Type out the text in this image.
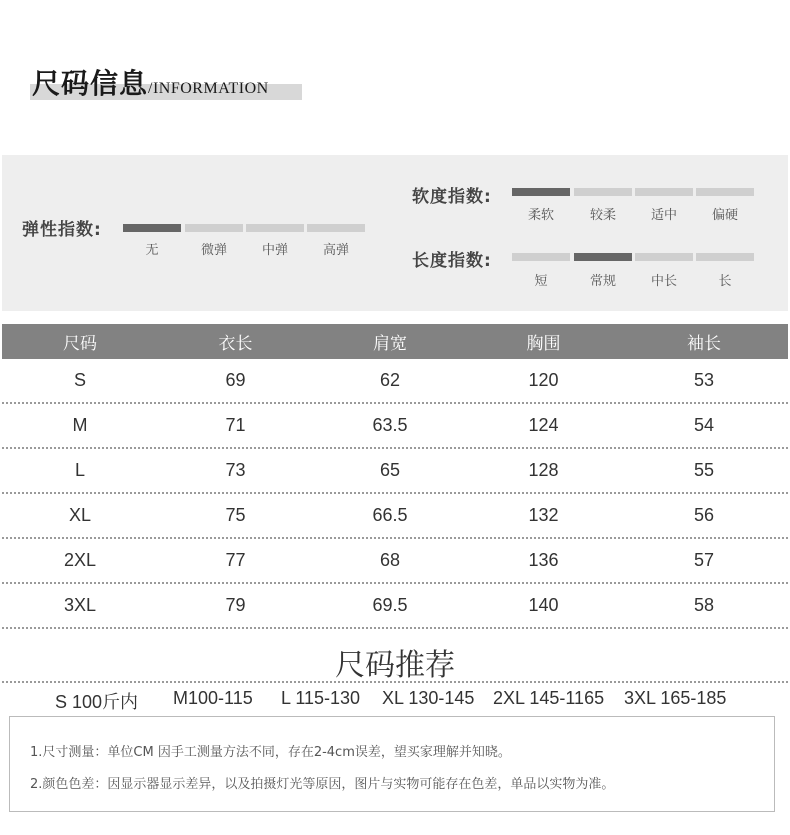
尺码信息/INFORMATION
弹性指数:
无	微弹	中弹	高弹
软度指数:
柔软	较柔	适中	偏硬
长度指数:
短	常规	中长	长
尺码	衣长	肩宽	胸围	袖长
S	69	62	120	53
M	71	63.5	124	54
L	73	65	128	55
XL	75	66.5	132	56
2XL	77	68	136	57
3XL	79	69.5	140	58
尺码推荐
S 100斤内 M100-115 L 115-130 XL 130-145 2XL 145-1165 3XL 165-185
1.尺寸测量：单位CM 因手工测量方法不同，存在2-4cm误差，望买家理解并知晓。
2.颜色色差：因显示器显示差异，以及拍摄灯光等原因，图片与实物可能存在色差，单品以实物为准。
